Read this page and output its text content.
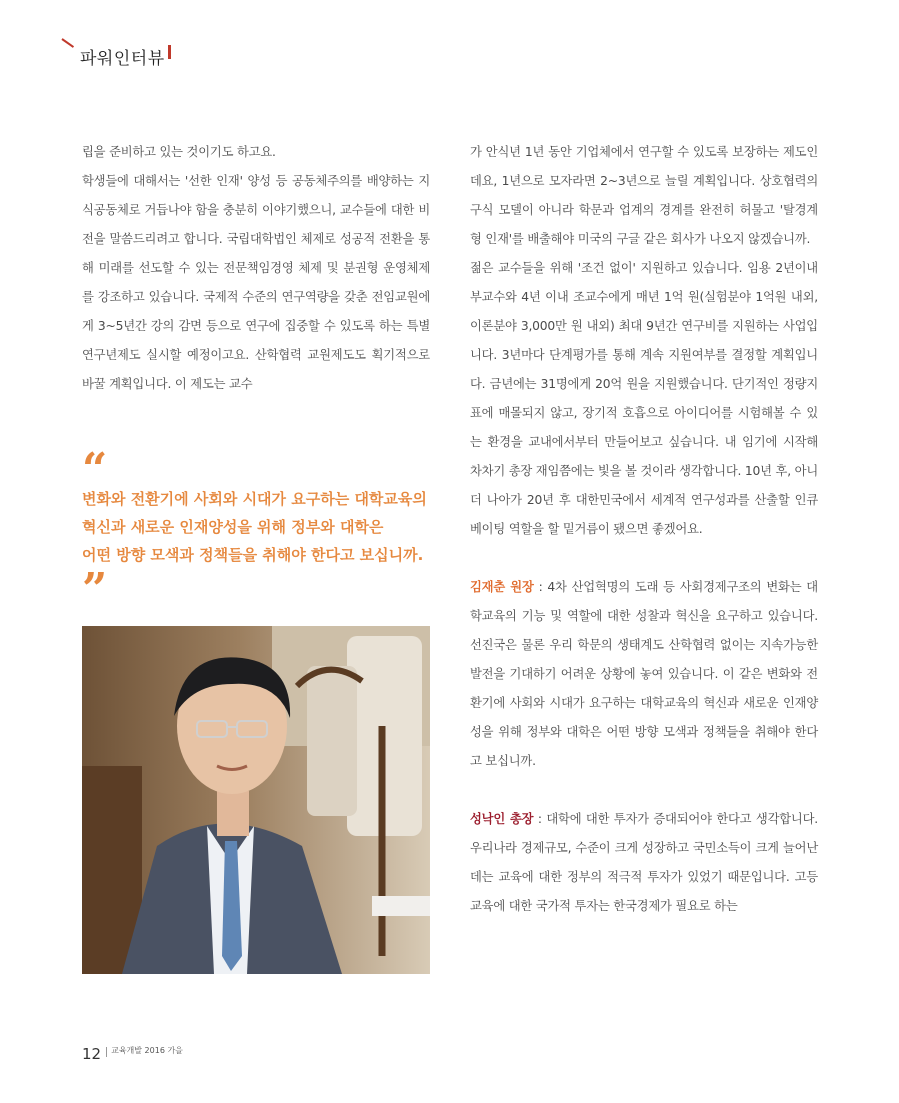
파워인터뷰

립을 준비하고 있는 것이기도 하고요.

학생들에 대해서는 '선한 인재' 양성 등 공동체주의를 배양하는 지식공동체로 거듭나야 함을 충분히 이야기했으니, 교수들에 대한 비전을 말씀드리려고 합니다. 국립대학법인 체제로 성공적 전환을 통해 미래를 선도할 수 있는 전문책임경영 체제 및 분권형 운영체제를 강조하고 있습니다. 국제적 수준의 연구역량을 갖춘 전임교원에게 3~5년간 강의 감면 등으로 연구에 집중할 수 있도록 하는 특별연구년제도 실시할 예정이고요. 산학협력 교원제도도 획기적으로 바꿀 계획입니다. 이 제도는 교수

“
변화와 전환기에 사회와 시대가 요구하는 대학교육의
혁신과 새로운 인재양성을 위해 정부와 대학은
어떤 방향 모색과 정책들을 취해야 한다고 보십니까.
”

가 안식년 1년 동안 기업체에서 연구할 수 있도록 보장하는 제도인데요, 1년으로 모자라면 2~3년으로 늘릴 계획입니다. 상호협력의 구식 모델이 아니라 학문과 업계의 경계를 완전히 허물고 '탈경계형 인재'를 배출해야 미국의 구글 같은 회사가 나오지 않겠습니까.

젊은 교수들을 위해 '조건 없이' 지원하고 있습니다. 임용 2년이내 부교수와 4년 이내 조교수에게 매년 1억 원(실험분야 1억원 내외, 이론분야 3,000만 원 내외) 최대 9년간 연구비를 지원하는 사업입니다. 3년마다 단계평가를 통해 계속 지원여부를 결정할 계획입니다. 금년에는 31명에게 20억 원을 지원했습니다. 단기적인 정량지표에 매몰되지 않고, 장기적 호흡으로 아이디어를 시험해볼 수 있는 환경을 교내에서부터 만들어보고 싶습니다. 내 임기에 시작해 차차기 총장 재임쯤에는 빛을 볼 것이라 생각합니다. 10년 후, 아니 더 나아가 20년 후 대한민국에서 세계적 연구성과를 산출할 인큐베이팅 역할을 할 밑거름이 됐으면 좋겠어요.

김재춘 원장 : 4차 산업혁명의 도래 등 사회경제구조의 변화는 대학교육의 기능 및 역할에 대한 성찰과 혁신을 요구하고 있습니다. 선진국은 물론 우리 학문의 생태계도 산학협력 없이는 지속가능한 발전을 기대하기 어려운 상황에 놓여 있습니다. 이 같은 변화와 전환기에 사회와 시대가 요구하는 대학교육의 혁신과 새로운 인재양성을 위해 정부와 대학은 어떤 방향 모색과 정책들을 취해야 한다고 보십니까.

성낙인 총장 : 대학에 대한 투자가 증대되어야 한다고 생각합니다. 우리나라 경제규모, 수준이 크게 성장하고 국민소득이 크게 늘어난 데는 교육에 대한 정부의 적극적 투자가 있었기 때문입니다. 고등교육에 대한 국가적 투자는 한국경제가 필요로 하는

12 $^{교육개발 2016 가을}$
